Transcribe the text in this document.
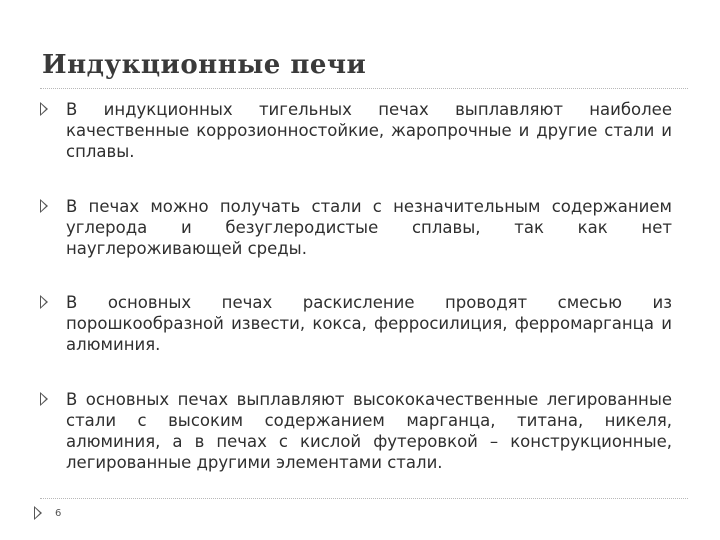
Индукционные печи
В индукционных тигельных печах выплавляют наиболее качественные коррозионностойкие, жаропрочные и другие стали и сплавы.
В печах можно получать стали с незначительным содержанием углерода и безуглеродистые сплавы, так как нет науглероживающей среды.
В основных печах раскисление проводят смесью из порошкообразной извести, кокса, ферросилиция, ферромарганца и алюминия.
В основных печах выплавляют высококачественные легированные стали с высоким содержанием марганца, титана, никеля, алюминия, а в печах с кислой футеровкой – конструкционные, легированные другими элементами стали.
6
